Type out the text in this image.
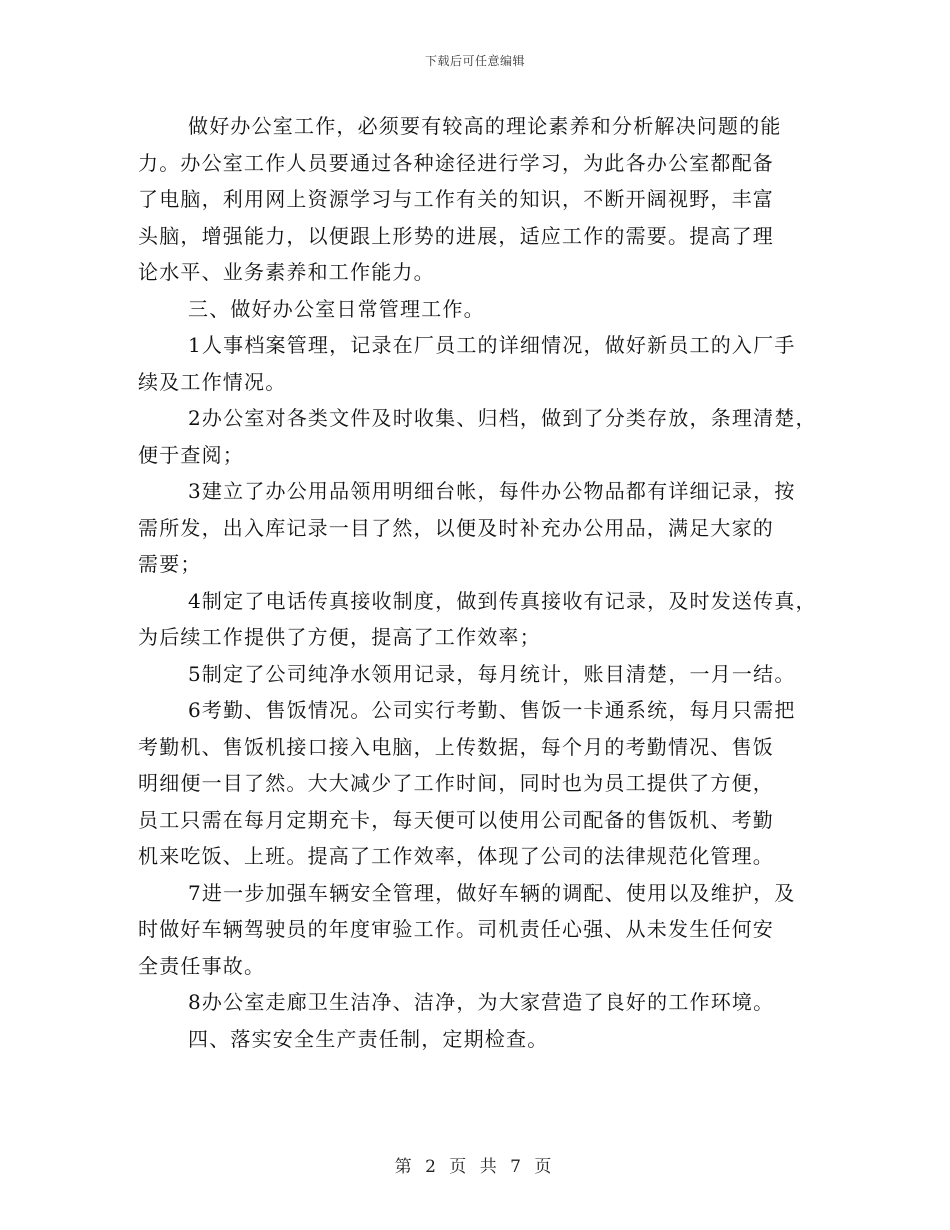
下载后可任意编辑
做好办公室工作，必须要有较高的理论素养和分析解决问题的能
力。办公室工作人员要通过各种途径进行学习，为此各办公室都配备
了电脑，利用网上资源学习与工作有关的知识，不断开阔视野，丰富
头脑，增强能力，以便跟上形势的进展，适应工作的需要。提高了理
论水平、业务素养和工作能力。
三、做好办公室日常管理工作。
1人事档案管理，记录在厂员工的详细情况，做好新员工的入厂手
续及工作情况。
2办公室对各类文件及时收集、归档，做到了分类存放，条理清楚，
便于查阅；
3建立了办公用品领用明细台帐，每件办公物品都有详细记录，按
需所发，出入库记录一目了然，以便及时补充办公用品，满足大家的
需要；
4制定了电话传真接收制度，做到传真接收有记录，及时发送传真，
为后续工作提供了方便，提高了工作效率；
5制定了公司纯净水领用记录，每月统计，账目清楚，一月一结。
6考勤、售饭情况。公司实行考勤、售饭一卡通系统，每月只需把
考勤机、售饭机接口接入电脑，上传数据，每个月的考勤情况、售饭
明细便一目了然。大大减少了工作时间，同时也为员工提供了方便，
员工只需在每月定期充卡，每天便可以使用公司配备的售饭机、考勤
机来吃饭、上班。提高了工作效率，体现了公司的法律规范化管理。
7进一步加强车辆安全管理，做好车辆的调配、使用以及维护，及
时做好车辆驾驶员的年度审验工作。司机责任心强、从未发生任何安
全责任事故。
8办公室走廊卫生洁净、洁净，为大家营造了良好的工作环境。
四、落实安全生产责任制，定期检查。
第 2 页 共 7 页
